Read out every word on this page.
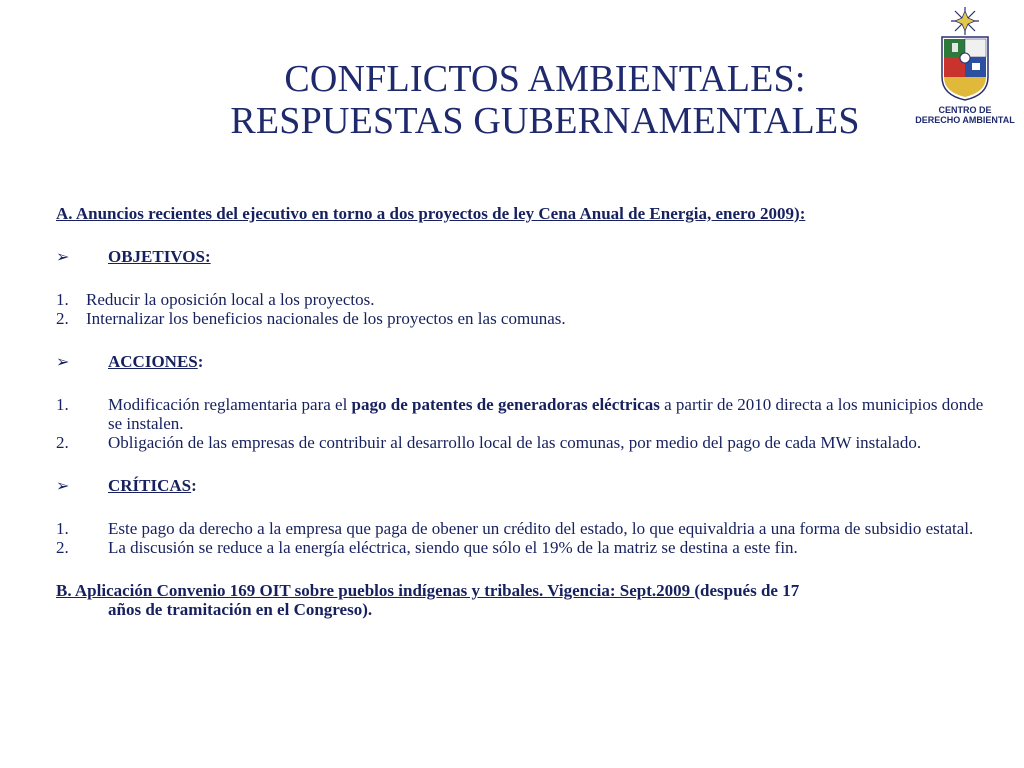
CONFLICTOS AMBIENTALES:
RESPUESTAS GUBERNAMENTALES	CENTRO DE
DERECHO AMBIENTAL

A. Anuncios recientes del ejecutivo en torno a dos proyectos de ley Cena Anual de Energia, enero 2009):

➢	OBJETIVOS:
1.	Reducir la oposición local a los proyectos.
2.	Internalizar los beneficios nacionales de los proyectos en las comunas.
➢	ACCIONES:
1.	Modificación reglamentaria para el pago de patentes de generadoras eléctricas a partir de 2010 directa a los municipios donde se instalen.
2.	Obligación de las empresas de contribuir al desarrollo local de las comunas, por medio del pago de cada MW instalado.
➢	CRÍTICAS:
1.	Este pago da derecho a la empresa que paga de obener un crédito del estado, lo que equivaldria a una forma de subsidio estatal.
2.	La discusión se reduce a la energía eléctrica, siendo que sólo el 19% de la matriz se destina a este fin.

B. Aplicación Convenio 169 OIT sobre pueblos indígenas y tribales. Vigencia: Sept.2009 (después de 17
años de tramitación en el Congreso).
